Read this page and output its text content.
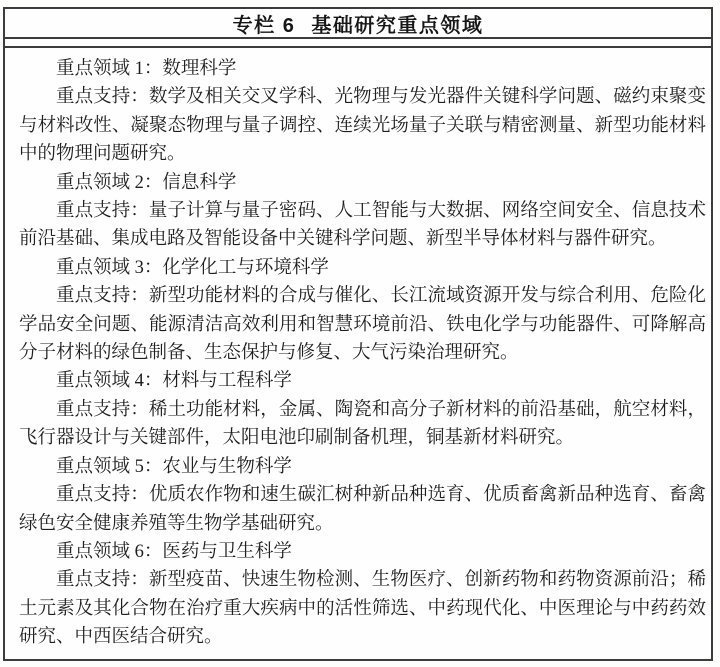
专栏 6 基础研究重点领域

重点领域 1：数理科学

重点支持：数学及相关交叉学科、光物理与发光器件关键科学问题、磁约束聚变与材料改性、凝聚态物理与量子调控、连续光场量子关联与精密测量、新型功能材料中的物理问题研究。

重点领域 2：信息科学

重点支持：量子计算与量子密码、人工智能与大数据、网络空间安全、信息技术前沿基础、集成电路及智能设备中关键科学问题、新型半导体材料与器件研究。

重点领域 3：化学化工与环境科学

重点支持：新型功能材料的合成与催化、长江流域资源开发与综合利用、危险化学品安全问题、能源清洁高效利用和智慧环境前沿、铁电化学与功能器件、可降解高分子材料的绿色制备、生态保护与修复、大气污染治理研究。

重点领域 4：材料与工程科学

重点支持：稀土功能材料，金属、陶瓷和高分子新材料的前沿基础，航空材料，飞行器设计与关键部件，太阳电池印刷制备机理，铜基新材料研究。

重点领域 5：农业与生物科学

重点支持：优质农作物和速生碳汇树种新品种选育、优质畜禽新品种选育、畜禽绿色安全健康养殖等生物学基础研究。

重点领域 6：医药与卫生科学

重点支持：新型疫苗、快速生物检测、生物医疗、创新药物和药物资源前沿；稀土元素及其化合物在治疗重大疾病中的活性筛选、中药现代化、中医理论与中药药效研究、中西医结合研究。
